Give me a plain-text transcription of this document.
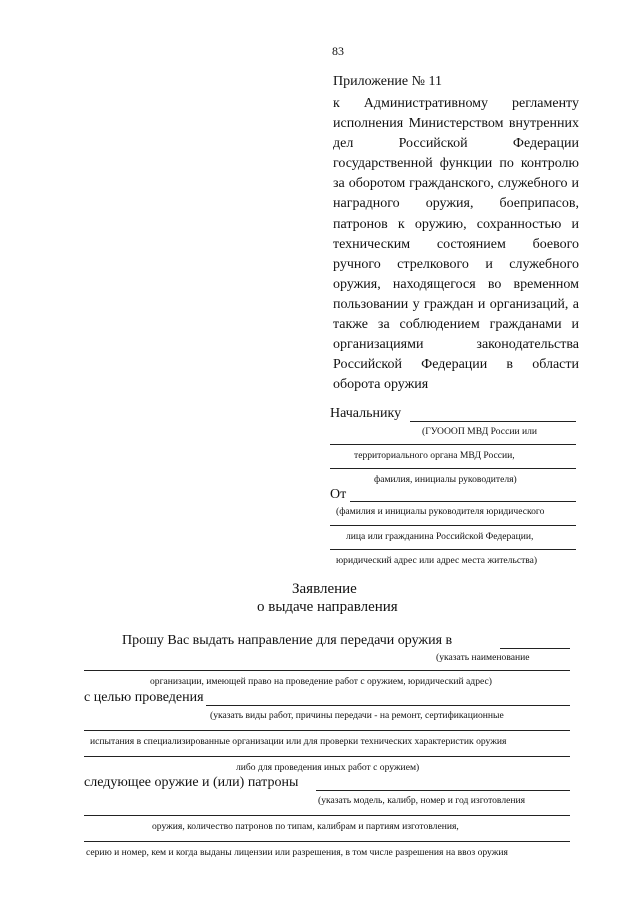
83
Приложение № 11
к Административному регламенту исполнения Министерством внутренних дел Российской Федерации государственной функции по контролю за оборотом гражданского, служебного и наградного оружия, боеприпасов, патронов к оружию, сохранностью и техническим состоянием боевого ручного стрелкового и служебного оружия, находящегося во временном пользовании у граждан и организаций, а также за соблюдением гражданами и организациями законодательства Российской Федерации в области оборота оружия
Начальнику
(ГУОООП МВД России или
территориального органа МВД России,
фамилия, инициалы руководителя)
От
(фамилия и инициалы руководителя юридического
лица или гражданина Российской Федерации,
юридический адрес или адрес места жительства)
Заявление
о выдаче направления
Прошу Вас выдать направление для передачи оружия в
(указать наименование
организации, имеющей право на проведение работ с оружием, юридический адрес)
с целью проведения
(указать виды работ, причины передачи - на ремонт, сертификационные
испытания в специализированные организации или для проверки технических характеристик оружия
либо для проведения иных работ с оружием)
следующее оружие и (или) патроны
(указать модель, калибр, номер и год изготовления
оружия, количество патронов по типам, калибрам и партиям изготовления,
серию и номер, кем и когда выданы лицензии или разрешения, в том числе разрешения на ввоз оружия
